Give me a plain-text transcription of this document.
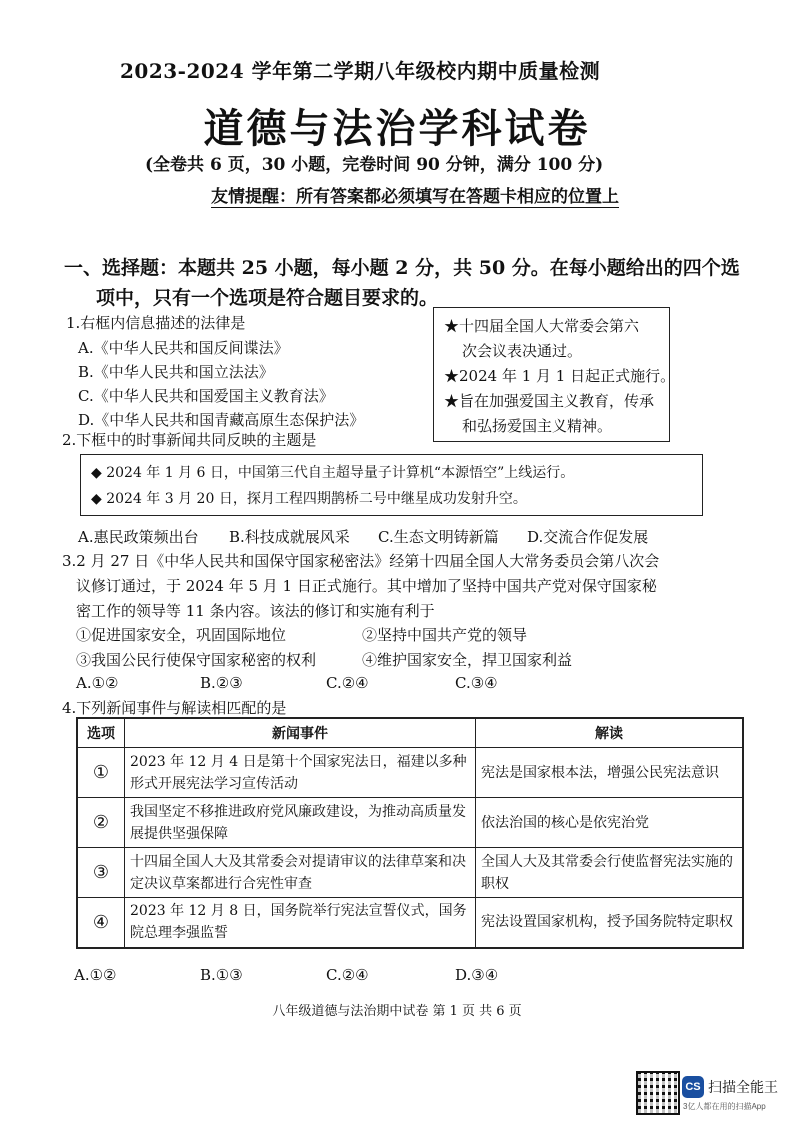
2023-2024 学年第二学期八年级校内期中质量检测
道德与法治学科试卷
(全卷共 6 页，30 小题，完卷时间 90 分钟，满分 100 分)
友情提醒：所有答案都必须填写在答题卡相应的位置上
一、选择题：本题共 25 小题，每小题 2 分，共 50 分。在每小题给出的四个选
项中，只有一个选项是符合题目要求的。
1.右框内信息描述的法律是
A.《中华人民共和国反间谍法》
B.《中华人民共和国立法法》
C.《中华人民共和国爱国主义教育法》
D.《中华人民共和国青藏高原生态保护法》
★十四届全国人大常委会第六
次会议表决通过。
★2024 年 1 月 1 日起正式施行。
★旨在加强爱国主义教育，传承
和弘扬爱国主义精神。
2.下框中的时事新闻共同反映的主题是
◆ 2024 年 1 月 6 日，中国第三代自主超导量子计算机“本源悟空”上线运行。
◆ 2024 年 3 月 20 日，探月工程四期鹊桥二号中继星成功发射升空。
A.惠民政策频出台 B.科技成就展风采 C.生态文明铸新篇 D.交流合作促发展
3.2 月 27 日《中华人民共和国保守国家秘密法》经第十四届全国人大常务委员会第八次会
议修订通过，于 2024 年 5 月 1 日正式施行。其中增加了坚持中国共产党对保守国家秘
密工作的领导等 11 条内容。该法的修订和实施有利于
①促进国家安全，巩固国际地位	②坚持中国共产党的领导
③我国公民行使保守国家秘密的权利	④维护国家安全，捍卫国家利益
A.①②	B.②③	C.②④	C.③④
4.下列新闻事件与解读相匹配的是
选项	新闻事件	解读
①	2023 年 12 月 4 日是第十个国家宪法日，福建以多种形式开展宪法学习宣传活动	宪法是国家根本法，增强公民宪法意识
②	我国坚定不移推进政府党风廉政建设，为推动高质量发展提供坚强保障	依法治国的核心是依宪治党
③	十四届全国人大及其常委会对提请审议的法律草案和决定决议草案都进行合宪性审查	全国人大及其常委会行使监督宪法实施的职权
④	2023 年 12 月 8 日，国务院举行宪法宣誓仪式，国务院总理李强监誓	宪法设置国家机构，授予国务院特定职权
A.①②	B.①③	C.②④	D.③④
八年级道德与法治期中试卷 第 1 页 共 6 页
CS 扫描全能王
3亿人都在用的扫描App
